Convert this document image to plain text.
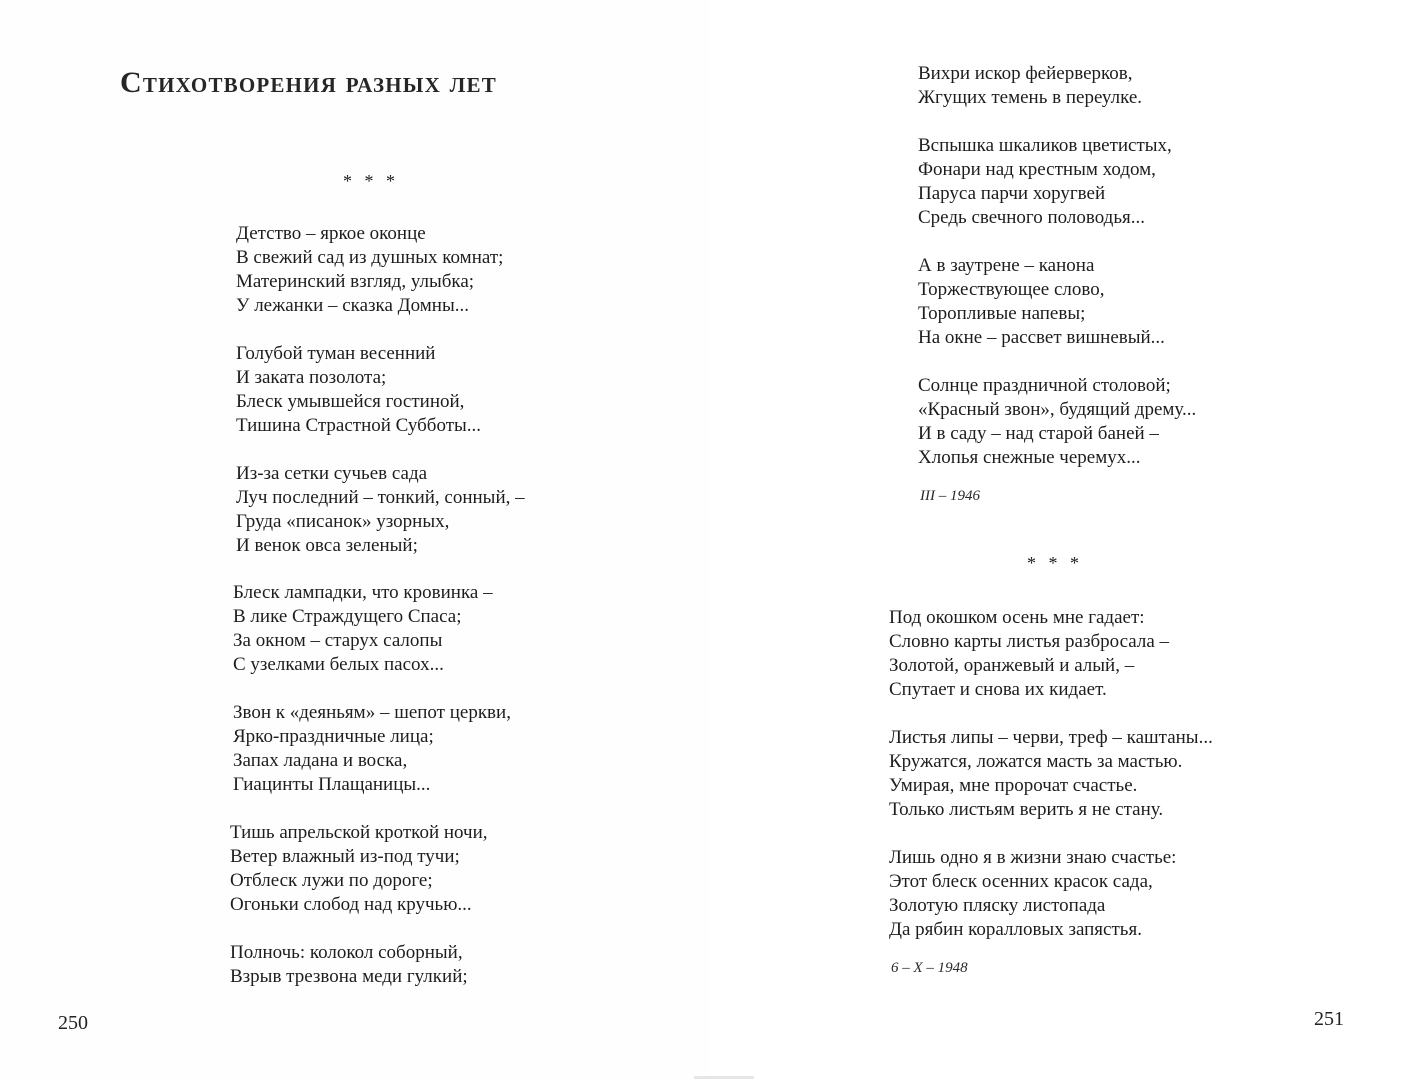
Стихотворения разных лет
* * *
Детство – яркое оконце
В свежий сад из душных комнат;
Материнский взгляд, улыбка;
У лежанки – сказка Домны...
Голубой туман весенний
И заката позолота;
Блеск умывшейся гостиной,
Тишина Страстной Субботы...
Из-за сетки сучьев сада
Луч последний – тонкий, сонный, –
Груда «писанок» узорных,
И венок овса зеленый;
Блеск лампадки, что кровинка –
В лике Страждущего Спаса;
За окном – старух салопы
С узелками белых пасох...
Звон к «деяньям» – шепот церкви,
Ярко-праздничные лица;
Запах ладана и воска,
Гиацинты Плащаницы...
Тишь апрельской кроткой ночи,
Ветер влажный из-под тучи;
Отблеск лужи по дороге;
Огоньки слобод над кручью...
Полночь: колокол соборный,
Взрыв трезвона меди гулкий;
250
Вихри искор фейерверков,
Жгущих темень в переулке.
Вспышка шкаликов цветистых,
Фонари над крестным ходом,
Паруса парчи хоругвей
Средь свечного половодья...
А в заутрене – канона
Торжествующее слово,
Торопливые напевы;
На окне – рассвет вишневый...
Солнце праздничной столовой;
«Красный звон», будящий дрему...
И в саду – над старой баней –
Хлопья снежные черемух...
III – 1946
* * *
Под окошком осень мне гадает:
Словно карты листья разбросала –
Золотой, оранжевый и алый, –
Спутает и снова их кидает.
Листья липы – черви, треф – каштаны...
Кружатся, ложатся масть за мастью.
Умирая, мне пророчат счастье.
Только листьям верить я не стану.
Лишь одно я в жизни знаю счастье:
Этот блеск осенних красок сада,
Золотую пляску листопада
Да рябин коралловых запястья.
6 – X – 1948
251
